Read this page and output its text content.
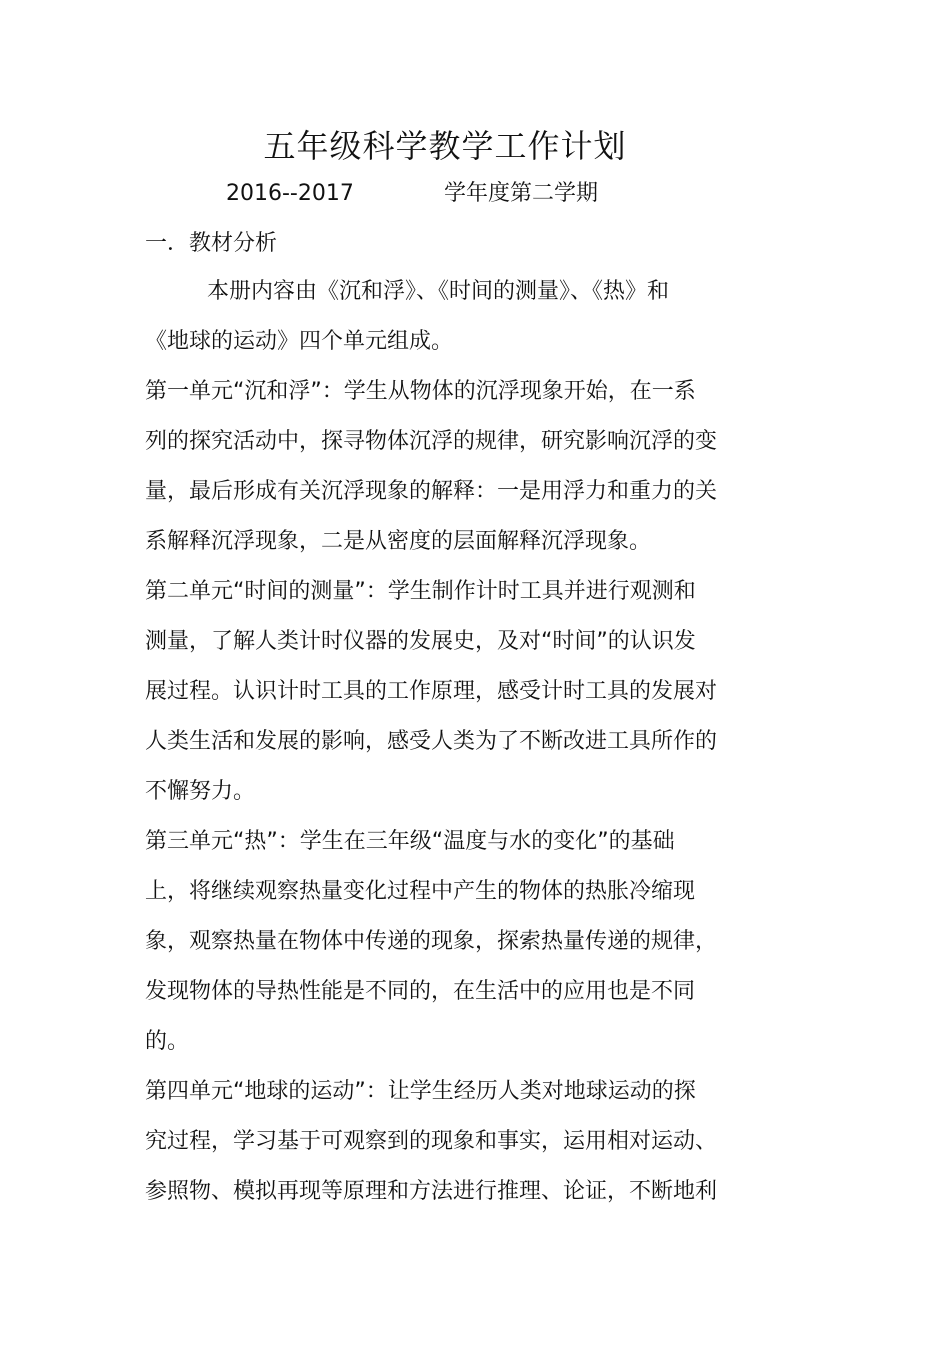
五年级科学教学工作计划
2016--2017	学年度第二学期
一．教材分析
本册内容由《沉和浮》、《时间的测量》、《热》和
《地球的运动》四个单元组成。
第一单元“沉和浮”：学生从物体的沉浮现象开始，在一系
列的探究活动中，探寻物体沉浮的规律，研究影响沉浮的变
量，最后形成有关沉浮现象的解释：一是用浮力和重力的关
系解释沉浮现象，二是从密度的层面解释沉浮现象。
第二单元“时间的测量”：学生制作计时工具并进行观测和
测量，了解人类计时仪器的发展史，及对“时间”的认识发
展过程。认识计时工具的工作原理，感受计时工具的发展对
人类生活和发展的影响，感受人类为了不断改进工具所作的
不懈努力。
第三单元“热”：学生在三年级“温度与水的变化”的基础
上，将继续观察热量变化过程中产生的物体的热胀冷缩现
象，观察热量在物体中传递的现象，探索热量传递的规律，
发现物体的导热性能是不同的，在生活中的应用也是不同
的。
第四单元“地球的运动”：让学生经历人类对地球运动的探
究过程，学习基于可观察到的现象和事实，运用相对运动、
参照物、模拟再现等原理和方法进行推理、论证，不断地利
